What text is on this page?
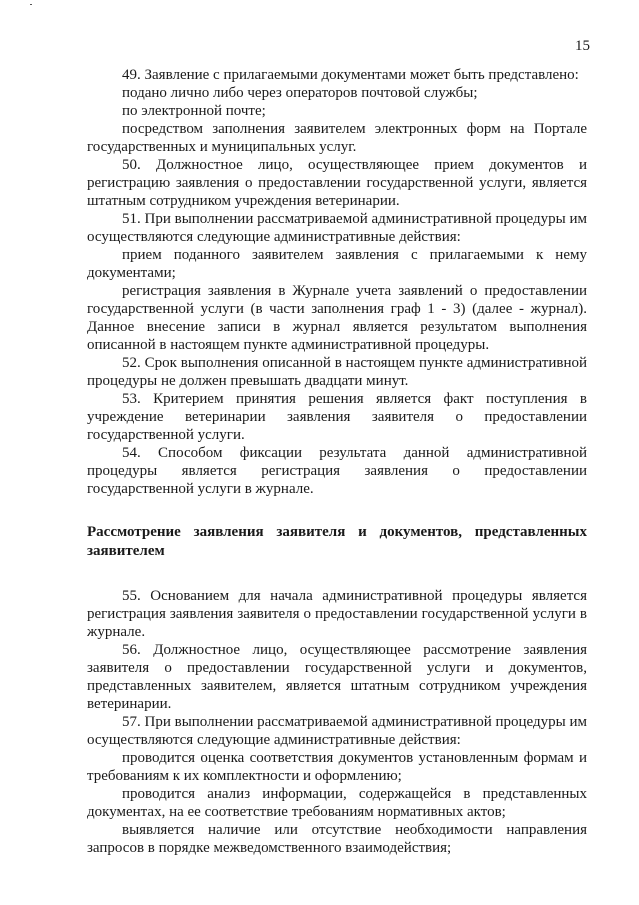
15

49. Заявление с прилагаемыми документами может быть представлено:

подано лично либо через операторов почтовой службы;

по электронной почте;

посредством заполнения заявителем электронных форм на Портале государственных и муниципальных услуг.

50. Должностное лицо, осуществляющее прием документов и регистрацию заявления о предоставлении государственной услуги, является штатным сотрудником учреждения ветеринарии.

51. При выполнении рассматриваемой административной процедуры им осуществляются следующие административные действия:

прием поданного заявителем заявления с прилагаемыми к нему документами;

регистрация заявления в Журнале учета заявлений о предоставлении государственной услуги (в части заполнения граф 1 - 3) (далее - журнал). Данное внесение записи в журнал является результатом выполнения описанной в настоящем пункте административной процедуры.

52. Срок выполнения описанной в настоящем пункте административной процедуры не должен превышать двадцати минут.

53. Критерием принятия решения является факт поступления в учреждение ветеринарии заявления заявителя о предоставлении государственной услуги.

54. Способом фиксации результата данной административной процедуры является регистрация заявления о предоставлении государственной услуги в журнале.

Рассмотрение заявления заявителя и документов, представленных заявителем

55. Основанием для начала административной процедуры является регистрация заявления заявителя о предоставлении государственной услуги в журнале.

56. Должностное лицо, осуществляющее рассмотрение заявления заявителя о предоставлении государственной услуги и документов, представленных заявителем, является штатным сотрудником учреждения ветеринарии.

57. При выполнении рассматриваемой административной процедуры им осуществляются следующие административные действия:

проводится оценка соответствия документов установленным формам и требованиям к их комплектности и оформлению;

проводится анализ информации, содержащейся в представленных документах, на ее соответствие требованиям нормативных актов;

выявляется наличие или отсутствие необходимости направления запросов в порядке межведомственного взаимодействия;
